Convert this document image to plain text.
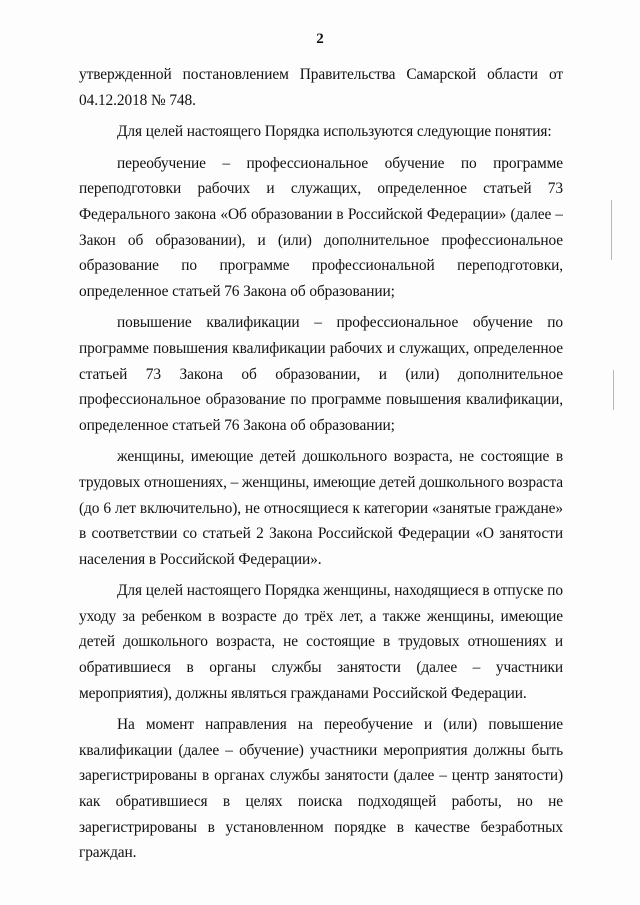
2
утвержденной постановлением Правительства Самарской области от
04.12.2018 № 748.
Для целей настоящего Порядка используются следующие понятия:
переобучение – профессиональное обучение по программе
переподготовки рабочих и служащих, определенное статьей 73
Федерального закона «Об образовании в Российской Федерации» (далее –
Закон об образовании), и (или) дополнительное профессиональное
образование по программе профессиональной переподготовки,
определенное статьей 76 Закона об образовании;
повышение квалификации – профессиональное обучение по
программе повышения квалификации рабочих и служащих, определенное
статьей 73 Закона об образовании, и (или) дополнительное
профессиональное образование по программе повышения квалификации,
определенное статьей 76 Закона об образовании;
женщины, имеющие детей дошкольного возраста, не состоящие в
трудовых отношениях, – женщины, имеющие детей дошкольного возраста
(до 6 лет включительно), не относящиеся к категории «занятые граждане»
в соответствии со статьей 2 Закона Российской Федерации «О занятости
населения в Российской Федерации».
Для целей настоящего Порядка женщины, находящиеся в отпуске по
уходу за ребенком в возрасте до трёх лет, а также женщины, имеющие
детей дошкольного возраста, не состоящие в трудовых отношениях и
обратившиеся в органы службы занятости (далее – участники
мероприятия), должны являться гражданами Российской Федерации.
На момент направления на переобучение и (или) повышение
квалификации (далее – обучение) участники мероприятия должны быть
зарегистрированы в органах службы занятости (далее – центр занятости)
как обратившиеся в целях поиска подходящей работы, но не
зарегистрированы в установленном порядке в качестве безработных
граждан.
